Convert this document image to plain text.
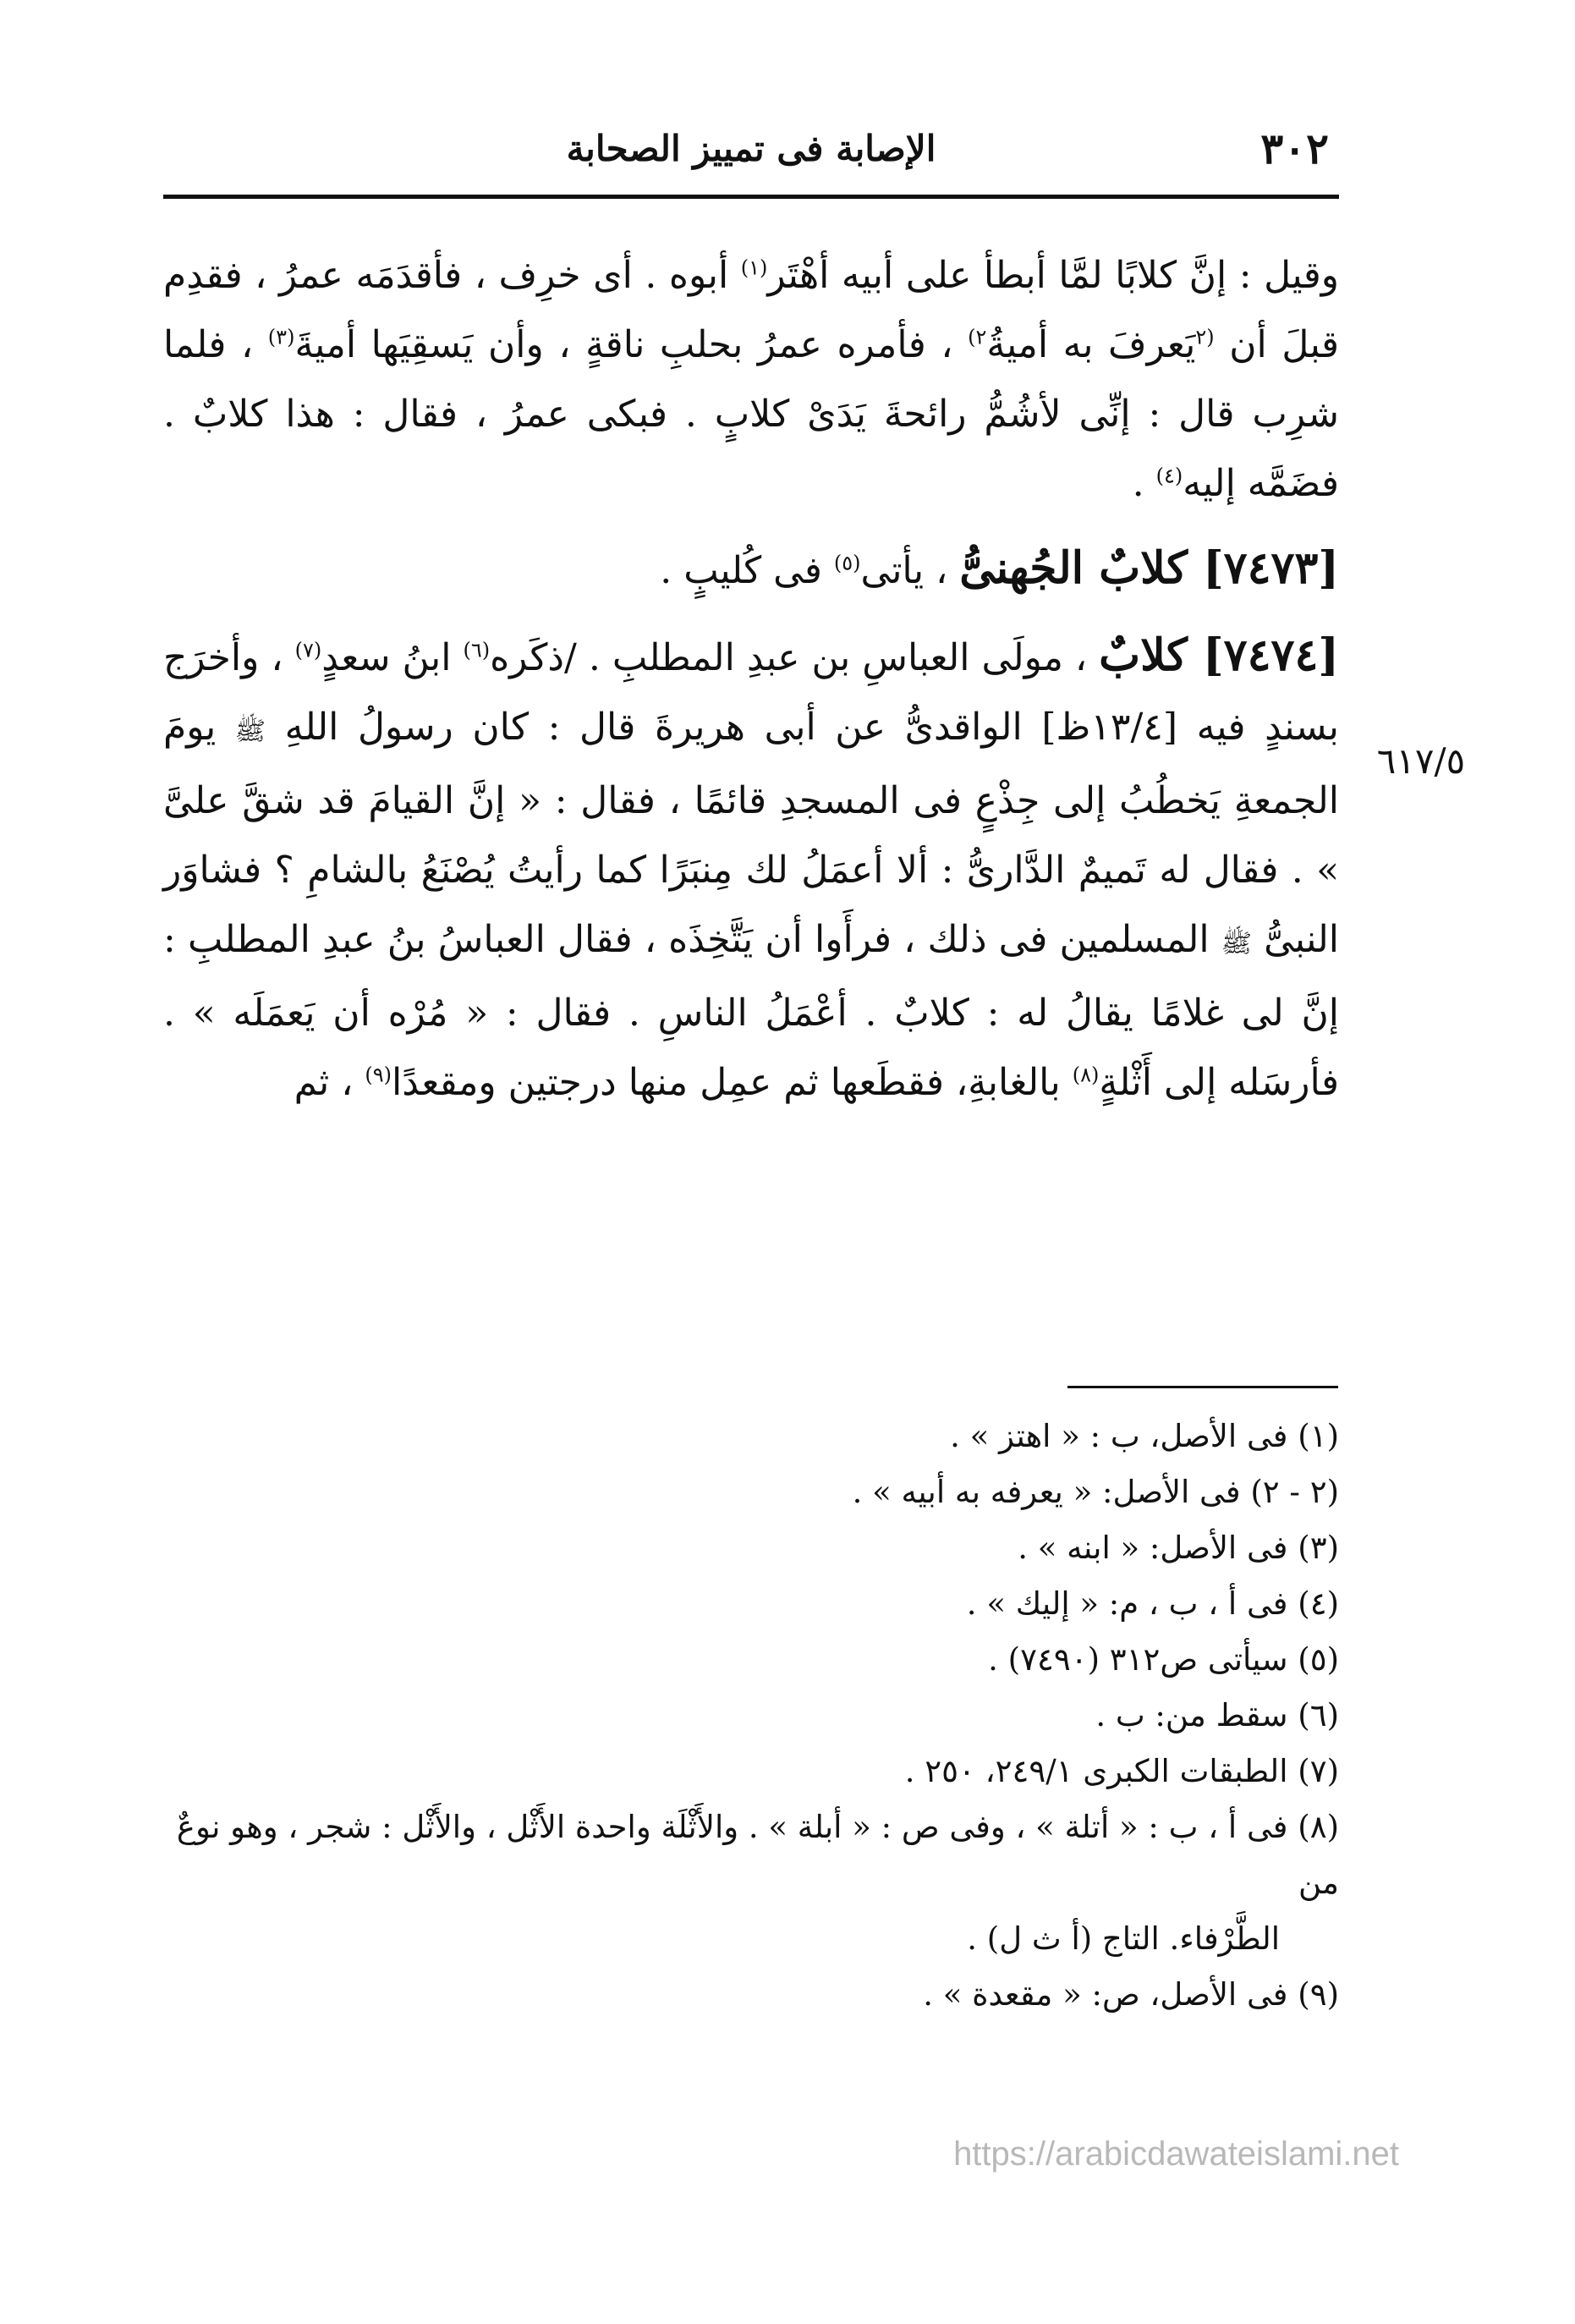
٣٠٢
الإصابة فى تمييز الصحابة

وقيل : إنَّ كلابًا لمَّا أبطأ على أبيه أهْتَر$^{(١)}$ أبوه . أى خرِف ، فأقدَمَه عمرُ ، فقدِم قبلَ أن $^{(٢}$يَعرفَ به أميةُ$^{٢)}$ ، فأمره عمرُ بحلبِ ناقةٍ ، وأن يَسقِيَها أميةَ$^{(٣)}$ ، فلما شرِب قال : إنِّى لأشُمُّ رائحةَ يَدَىْ كلابٍ . فبكى عمرُ ، فقال : هذا كلابٌ . فضَمَّه إليه$^{(٤)}$ .

[٧٤٧٣] كلابٌ الجُهنىُّ ، يأتى$^{(٥)}$ فى كُليبٍ .

[٧٤٧٤] كلابٌ ، مولَى العباسِ بن عبدِ المطلبِ . /ذكَره$^{(٦)}$ ابنُ سعدٍ$^{(٧)}$ ، وأخرَج بسندٍ فيه [١٣/٤ظ] الواقدىُّ عن أبى هريرةَ قال : كان رسولُ اللهِ ﷺ يومَ الجمعةِ يَخطُبُ إلى جِذْعٍ فى المسجدِ قائمًا ، فقال : « إنَّ القيامَ قد شقَّ علىَّ » . فقال له تَميمٌ الدَّارىُّ : ألا أعمَلُ لك مِنبَرًا كما رأيتُ يُصْنَعُ بالشامِ ؟ فشاوَر النبىُّ ﷺ المسلمين فى ذلك ، فرأَوا أن يَتَّخِذَه ، فقال العباسُ بنُ عبدِ المطلبِ : إنَّ لى غلامًا يقالُ له : كلابٌ . أعْمَلُ الناسِ . فقال : « مُرْه أن يَعمَلَه » . فأرسَله إلى أَثْلةٍ$^{(٨)}$ بالغابةِ، فقطَعها ثم عمِل منها درجتين ومقعدًا$^{(٩)}$ ، ثم

٦١٧/٥

(١) فى الأصل، ب : « اهتز » .

(٢ - ٢) فى الأصل: « يعرفه به أبيه » .

(٣) فى الأصل: « ابنه » .

(٤) فى أ ، ب ، م: « إليك » .

(٥) سيأتى ص٣١٢ (٧٤٩٠) .

(٦) سقط من: ب .

(٧) الطبقات الكبرى ٢٤٩/١، ٢٥٠ .

(٨) فى أ ، ب : « أتلة » ، وفى ص : « أبلة » . والأَثْلَة واحدة الأَثْل ، والأَثْل : شجر ، وهو نوعٌ من

الطَّرْفاء. التاج (أ ث ل) .

(٩) فى الأصل، ص: « مقعدة » .

https://arabicdawateislami.net
